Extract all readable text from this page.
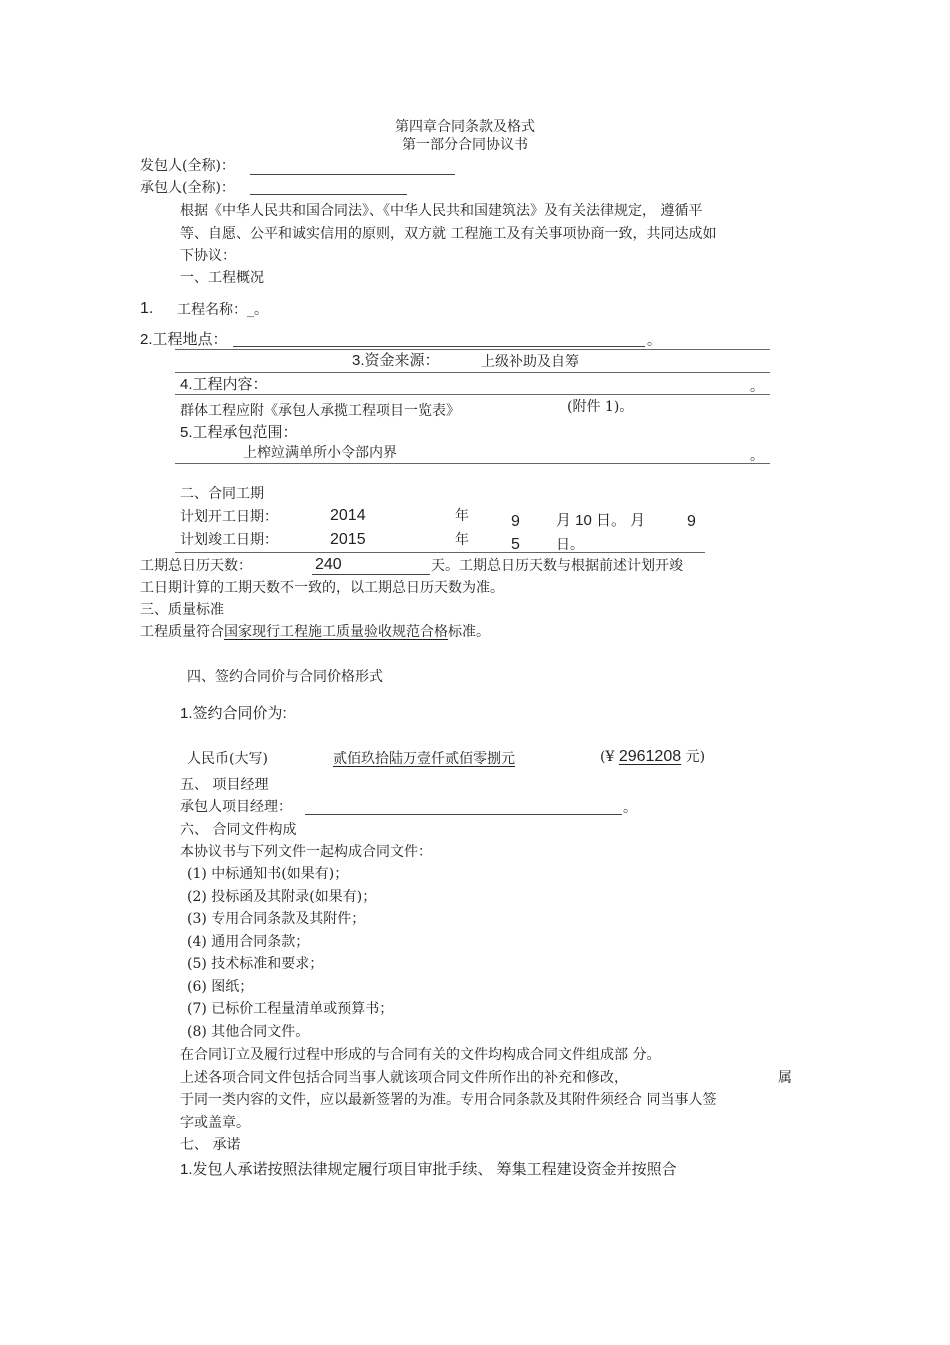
第四章合同条款及格式
第一部分合同协议书
发包人(全称)：
承包人(全称)：
根据《中华人民共和国合同法》、《中华人民共和国建筑法》及有关法律规定， 遵循平
等、自愿、公平和诚实信用的原则，双方就 工程施工及有关事项协商一致，共同达成如
下协议：
一、工程概况
1. 工程名称：_。
2.工程地点：	。
3.资金来源：	上级补助及自筹
4.工程内容：	。
群体工程应附《承包人承揽工程项目一览表》	(附件 1)。
5.工程承包范围：
上榨竝满单所小令部内界	。
二、合同工期
计划开工日期：	2014	年	9 月 10 日。 月	9
计划竣工日期：	2015	年	5	日。
工期总日历天数：	240	天。工期总日历天数与根据前述计划开竣
工日期计算的工期天数不一致的，以工期总日历天数为准。
三、质量标准
工程质量符合国家现行工程施工质量验收规范合格标准。
四、签约合同价与合同价格形式
1.签约合同价为:
人民币(大写)	贰佰玖拾陆万壹仟贰佰零捌元	(¥ 2961208 元)
五、 项目经理
承包人项目经理：	。
六、 合同文件构成
本协议书与下列文件一起构成合同文件：
(1) 中标通知书(如果有)；
(2) 投标函及其附录(如果有)；
(3) 专用合同条款及其附件；
(4) 通用合同条款；
(5) 技术标准和要求；
(6) 图纸；
(7) 已标价工程量清单或预算书；
(8) 其他合同文件。
在合同订立及履行过程中形成的与合同有关的文件均构成合同文件组成部 分。
上述各项合同文件包括合同当事人就该项合同文件所作出的补充和修改，	属
于同一类内容的文件，应以最新签署的为准。专用合同条款及其附件须经合 同当事人签
字或盖章。
七、 承诺
1.发包人承诺按照法律规定履行项目审批手续、 筹集工程建设资金并按照合
